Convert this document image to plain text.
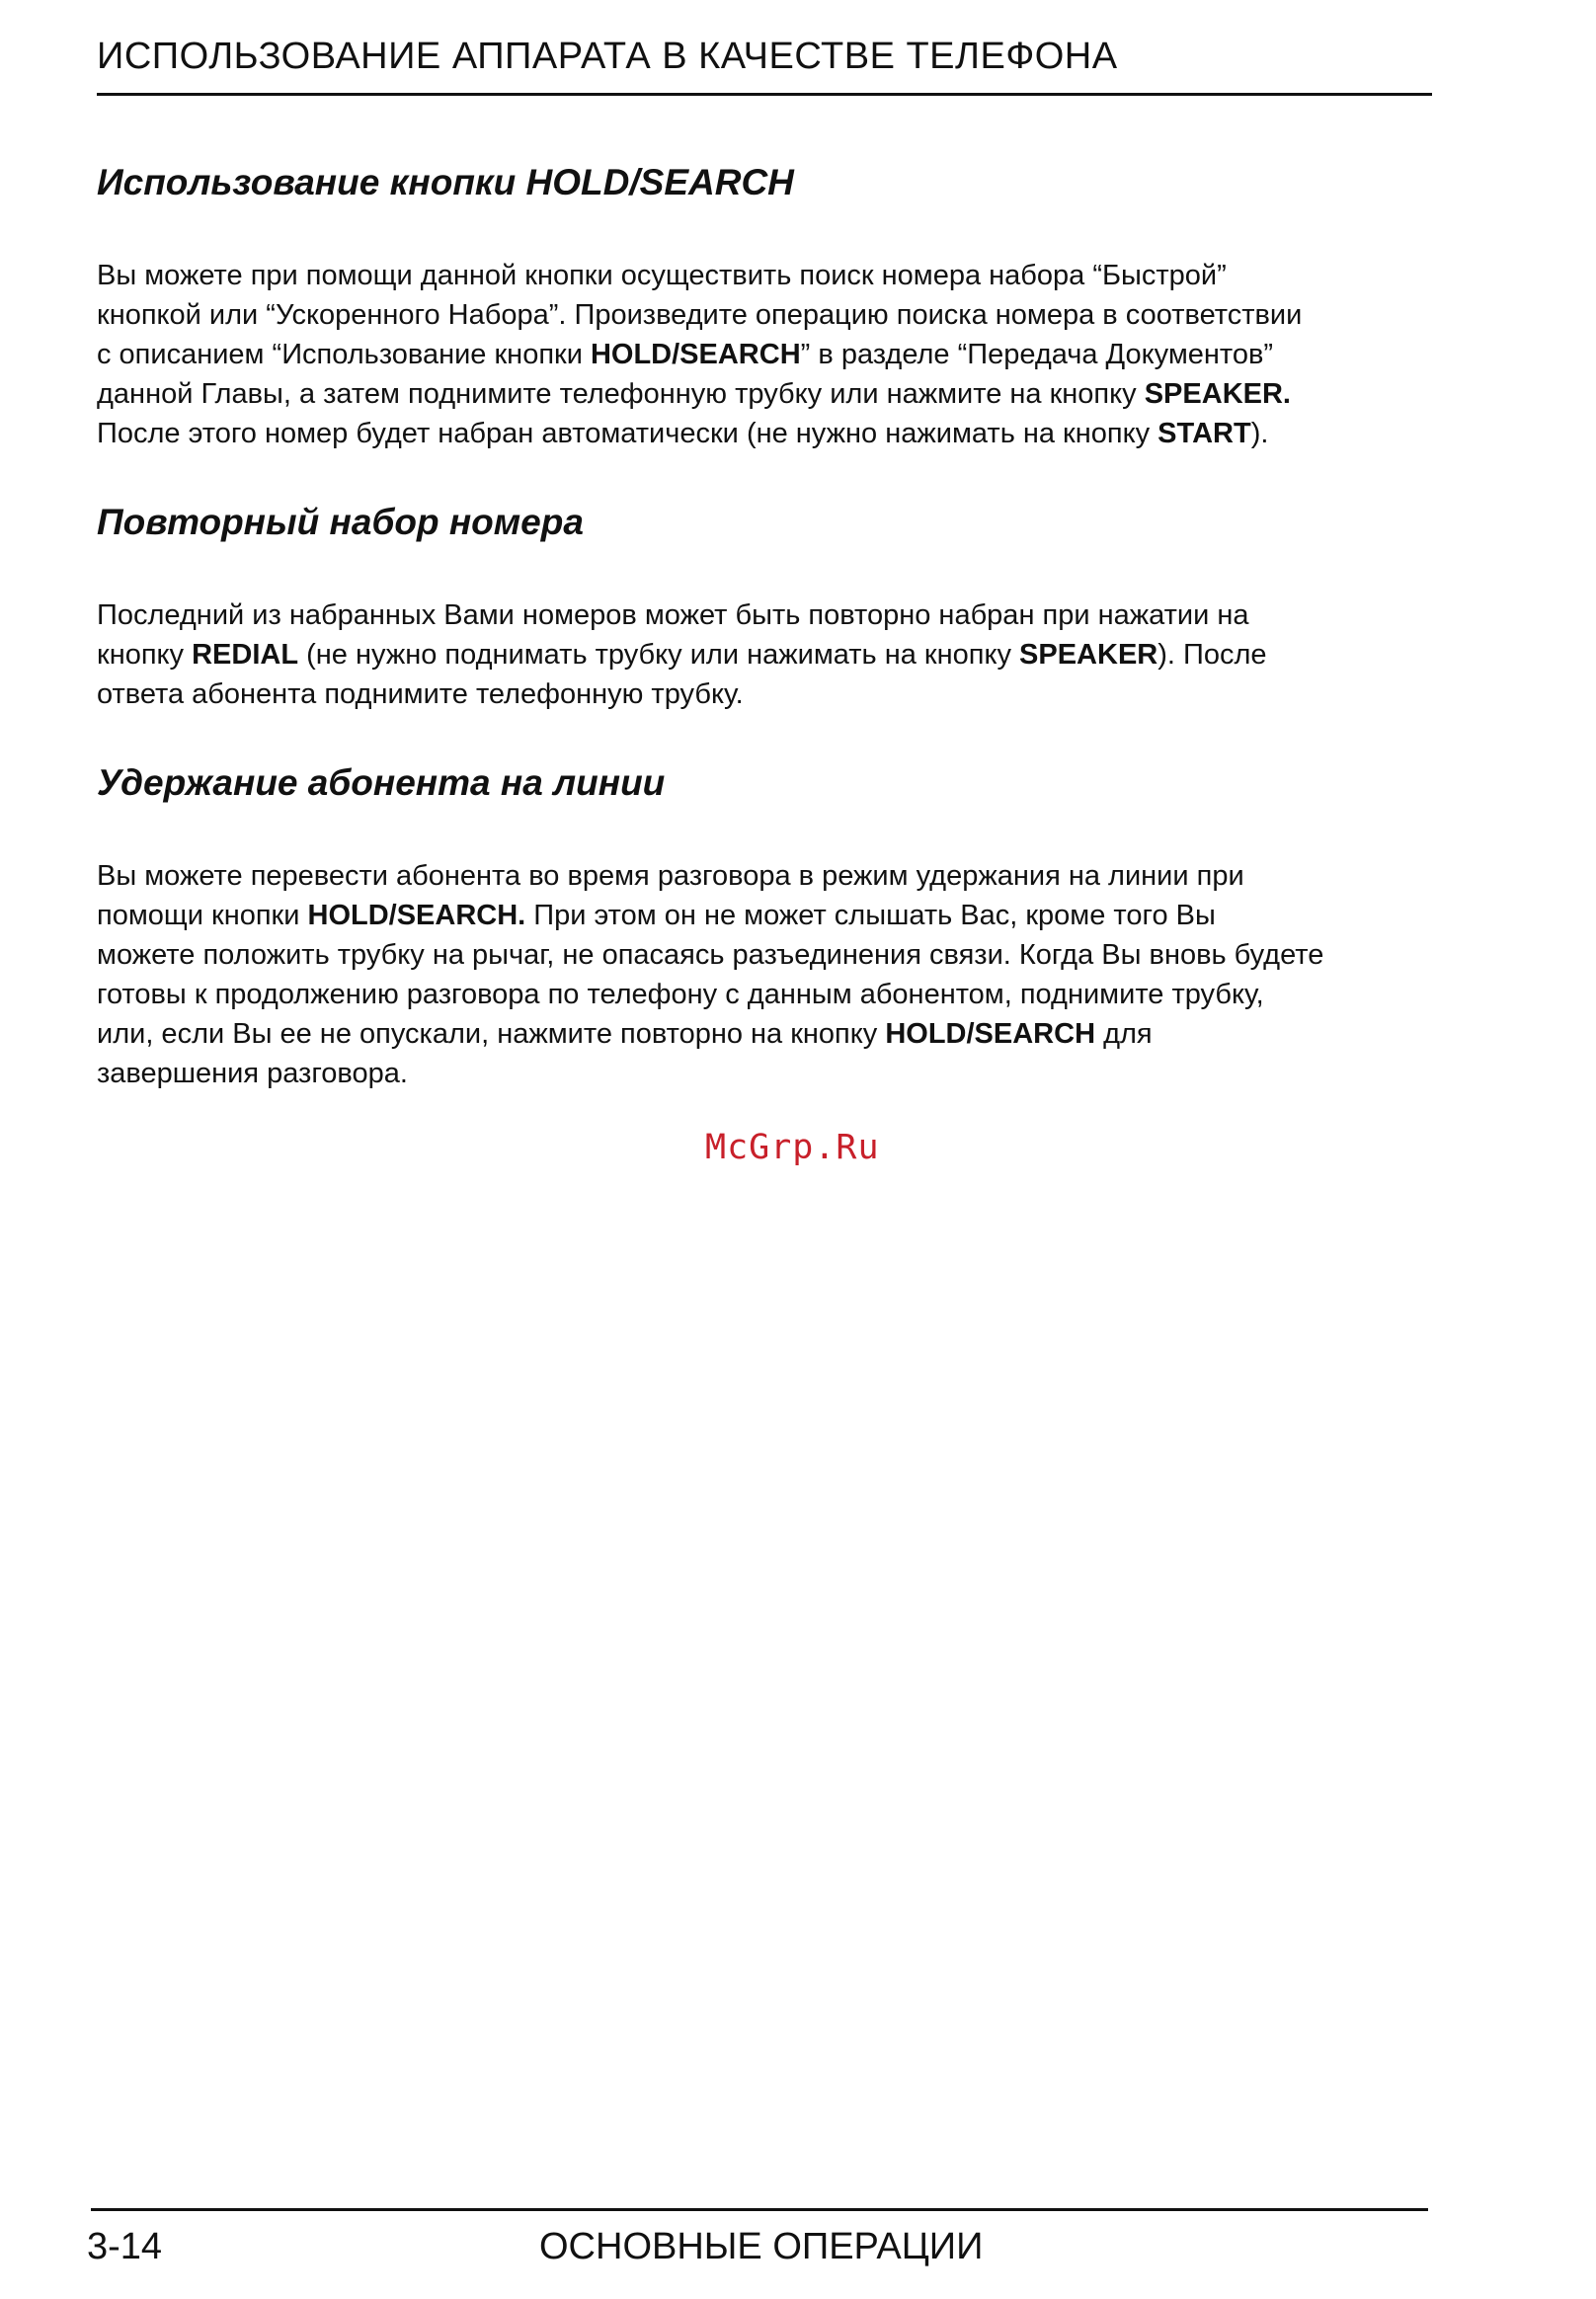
ИСПОЛЬЗОВАНИЕ АППАРАТА В КАЧЕСТВЕ ТЕЛЕФОНА
Использование кнопки HOLD/SEARCH
Вы можете при помощи данной кнопки осуществить поиск номера набора “Быстрой”
кнопкой или “Ускоренного Набора”. Произведите операцию поиска номера в соответствии
с описанием “Использование кнопки HOLD/SEARCH” в разделе “Передача Документов”
данной Главы, а затем поднимите телефонную трубку или нажмите на кнопку SPEAKER.
После этого номер будет набран автоматически (не нужно нажимать на кнопку START).
Повторный набор номера
Последний из набранных Вами номеров может быть повторно набран при нажатии на
кнопку REDIAL (не нужно поднимать трубку или нажимать на кнопку SPEAKER). После
ответа абонента поднимите телефонную трубку.
Удержание абонента на линии
Вы можете перевести абонента во время разговора в режим удержания на линии при
помощи кнопки HOLD/SEARCH. При этом он не может слышать Вас, кроме того Вы
можете положить трубку на рычаг, не опасаясь разъединения связи. Когда Вы вновь будете
готовы к продолжению разговора по телефону с данным абонентом, поднимите трубку,
или, если Вы ее не опускали, нажмите повторно на кнопку HOLD/SEARCH для
завершения разговора.
McGrp.Ru
3-14	ОСНОВНЫЕ ОПЕРАЦИИ
